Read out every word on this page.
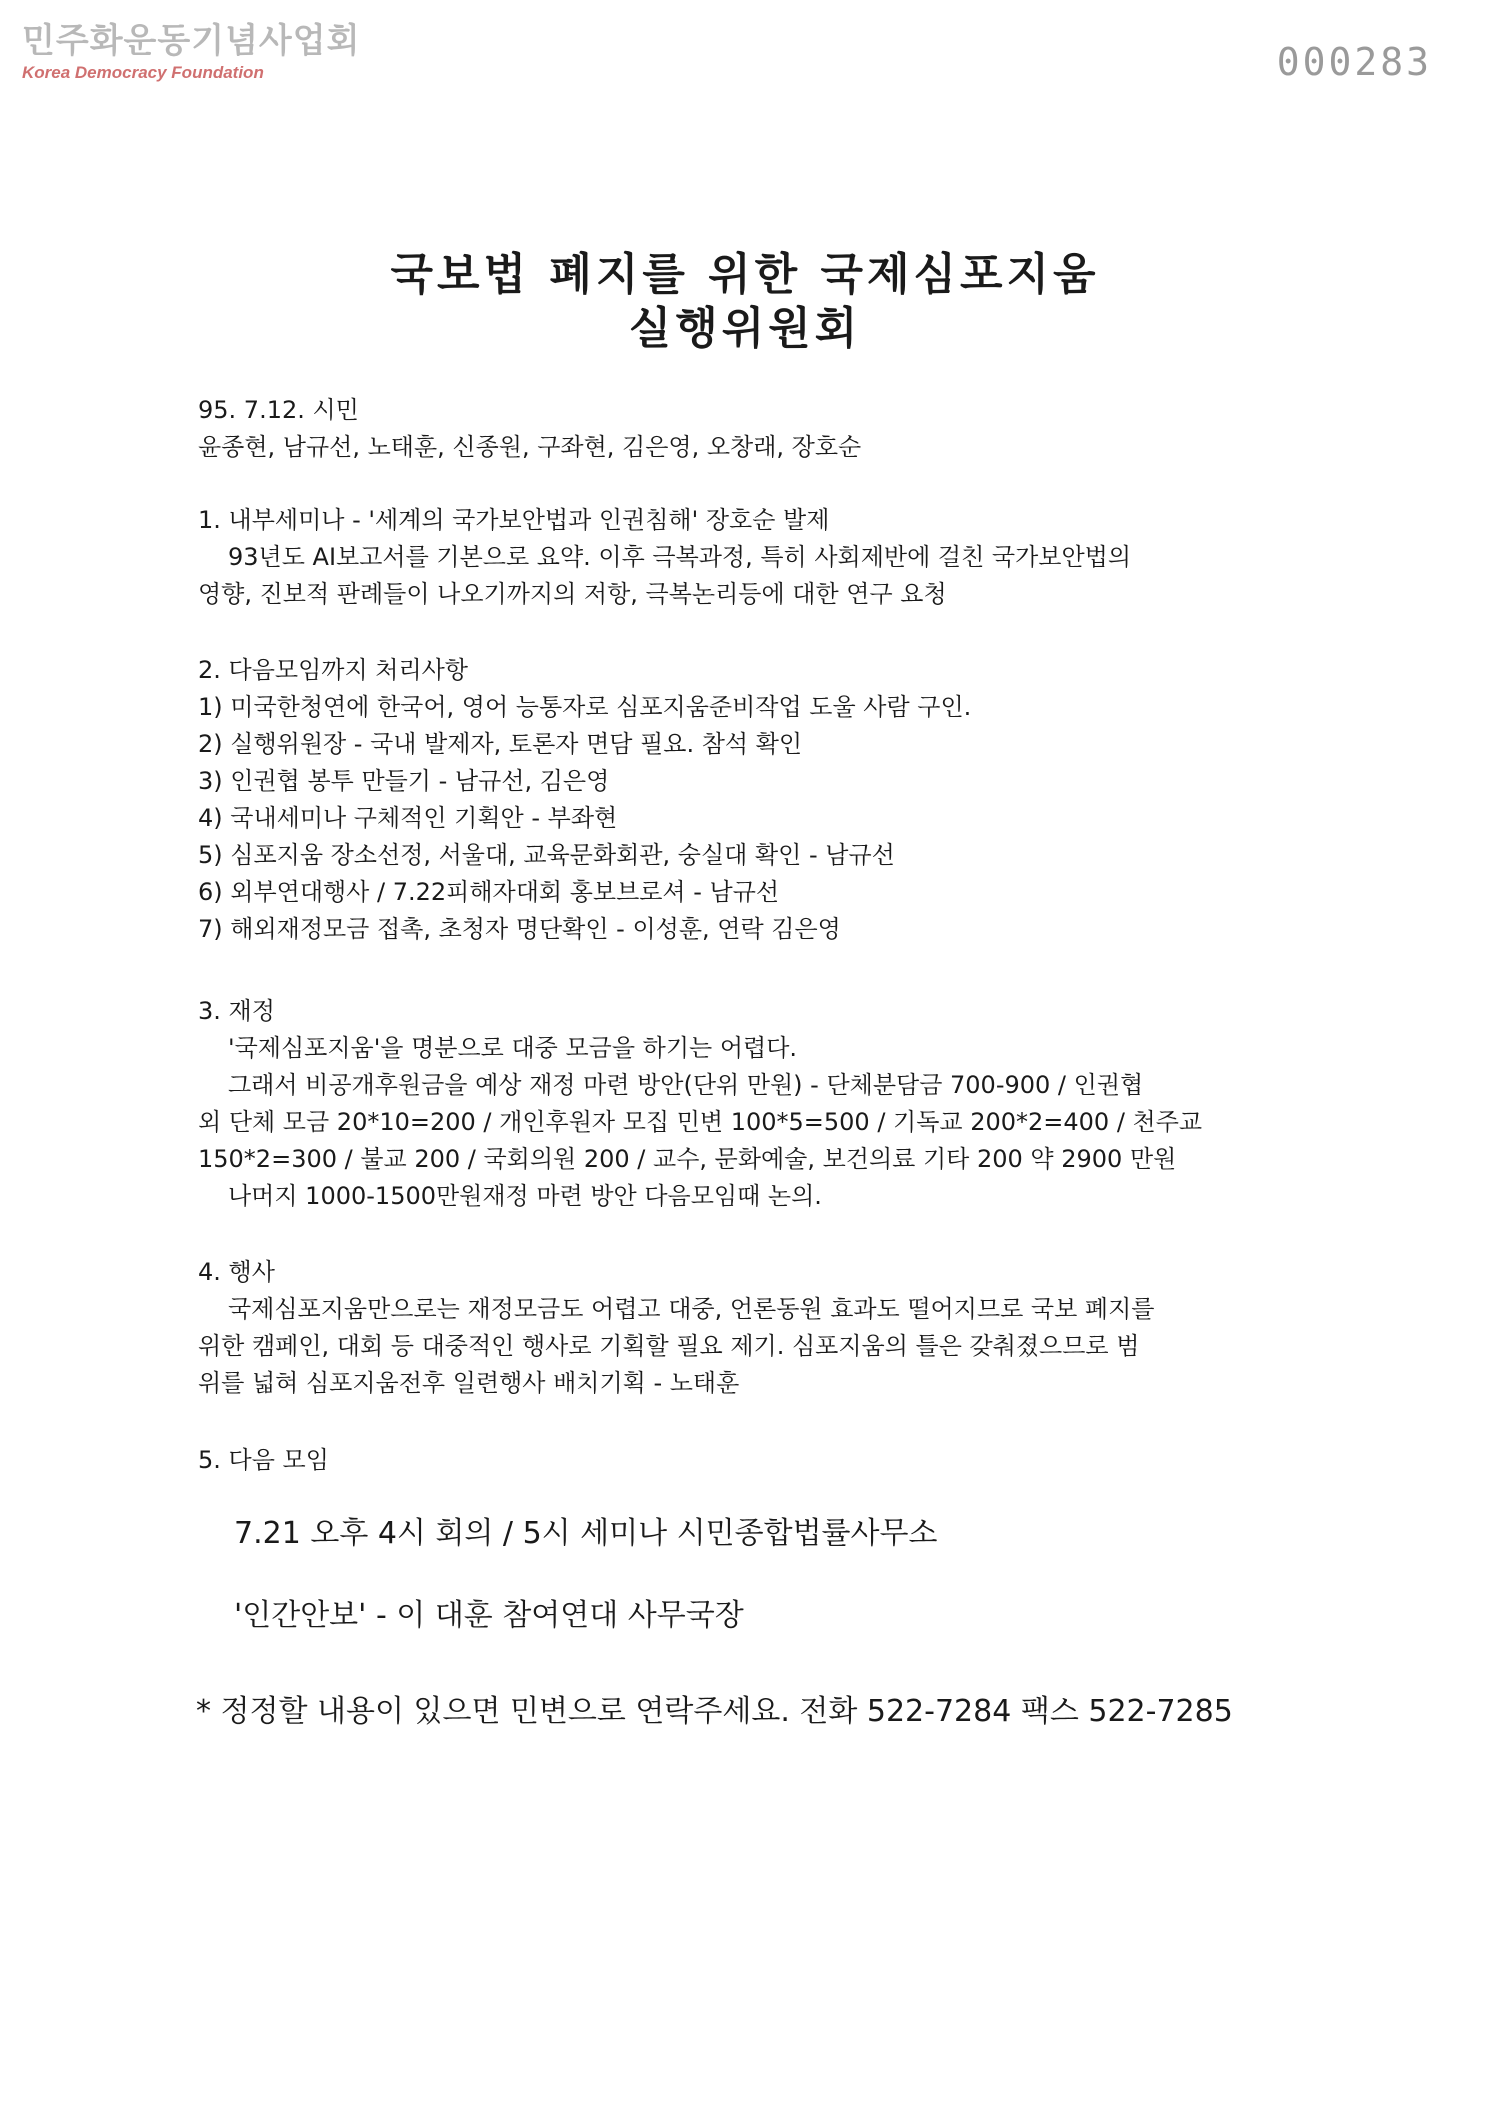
민주화운동기념사업회
Korea Democracy Foundation	000283
국보법 폐지를 위한 국제심포지움
실행위원회
95. 7.12. 시민
윤종현, 남규선, 노태훈, 신종원, 구좌현, 김은영, 오창래, 장호순
1. 내부세미나 - '세계의 국가보안법과 인권침해' 장호순 발제
93년도 AI보고서를 기본으로 요약. 이후 극복과정, 특히 사회제반에 걸친 국가보안법의
영향, 진보적 판례들이 나오기까지의 저항, 극복논리등에 대한 연구 요청
2. 다음모임까지 처리사항
1) 미국한청연에 한국어, 영어 능통자로 심포지움준비작업 도울 사람 구인.
2) 실행위원장 - 국내 발제자, 토론자 면담 필요. 참석 확인
3) 인권협 봉투 만들기 - 남규선, 김은영
4) 국내세미나 구체적인 기획안 - 부좌현
5) 심포지움 장소선정, 서울대, 교육문화회관, 숭실대 확인 - 남규선
6) 외부연대행사 / 7.22피해자대회 홍보브로셔 - 남규선
7) 해외재정모금 접촉, 초청자 명단확인 - 이성훈, 연락 김은영
3. 재정
'국제심포지움'을 명분으로 대중 모금을 하기는 어렵다.
그래서 비공개후원금을 예상 재정 마련 방안(단위 만원) - 단체분담금 700-900 / 인권협
외 단체 모금 20*10=200 / 개인후원자 모집 민변 100*5=500 / 기독교 200*2=400 / 천주교
150*2=300 / 불교 200 / 국회의원 200 / 교수, 문화예술, 보건의료 기타 200 약 2900 만원
나머지 1000-1500만원재정 마련 방안 다음모임때 논의.
4. 행사
국제심포지움만으로는 재정모금도 어렵고 대중, 언론동원 효과도 떨어지므로 국보 폐지를
위한 캠페인, 대회 등 대중적인 행사로 기획할 필요 제기. 심포지움의 틀은 갖춰졌으므로 범
위를 넓혀 심포지움전후 일련행사 배치기획 - 노태훈
5. 다음 모임
7.21 오후 4시 회의 / 5시 세미나 시민종합법률사무소
'인간안보' - 이 대훈 참여연대 사무국장
* 정정할 내용이 있으면 민변으로 연락주세요. 전화 522-7284 팩스 522-7285
